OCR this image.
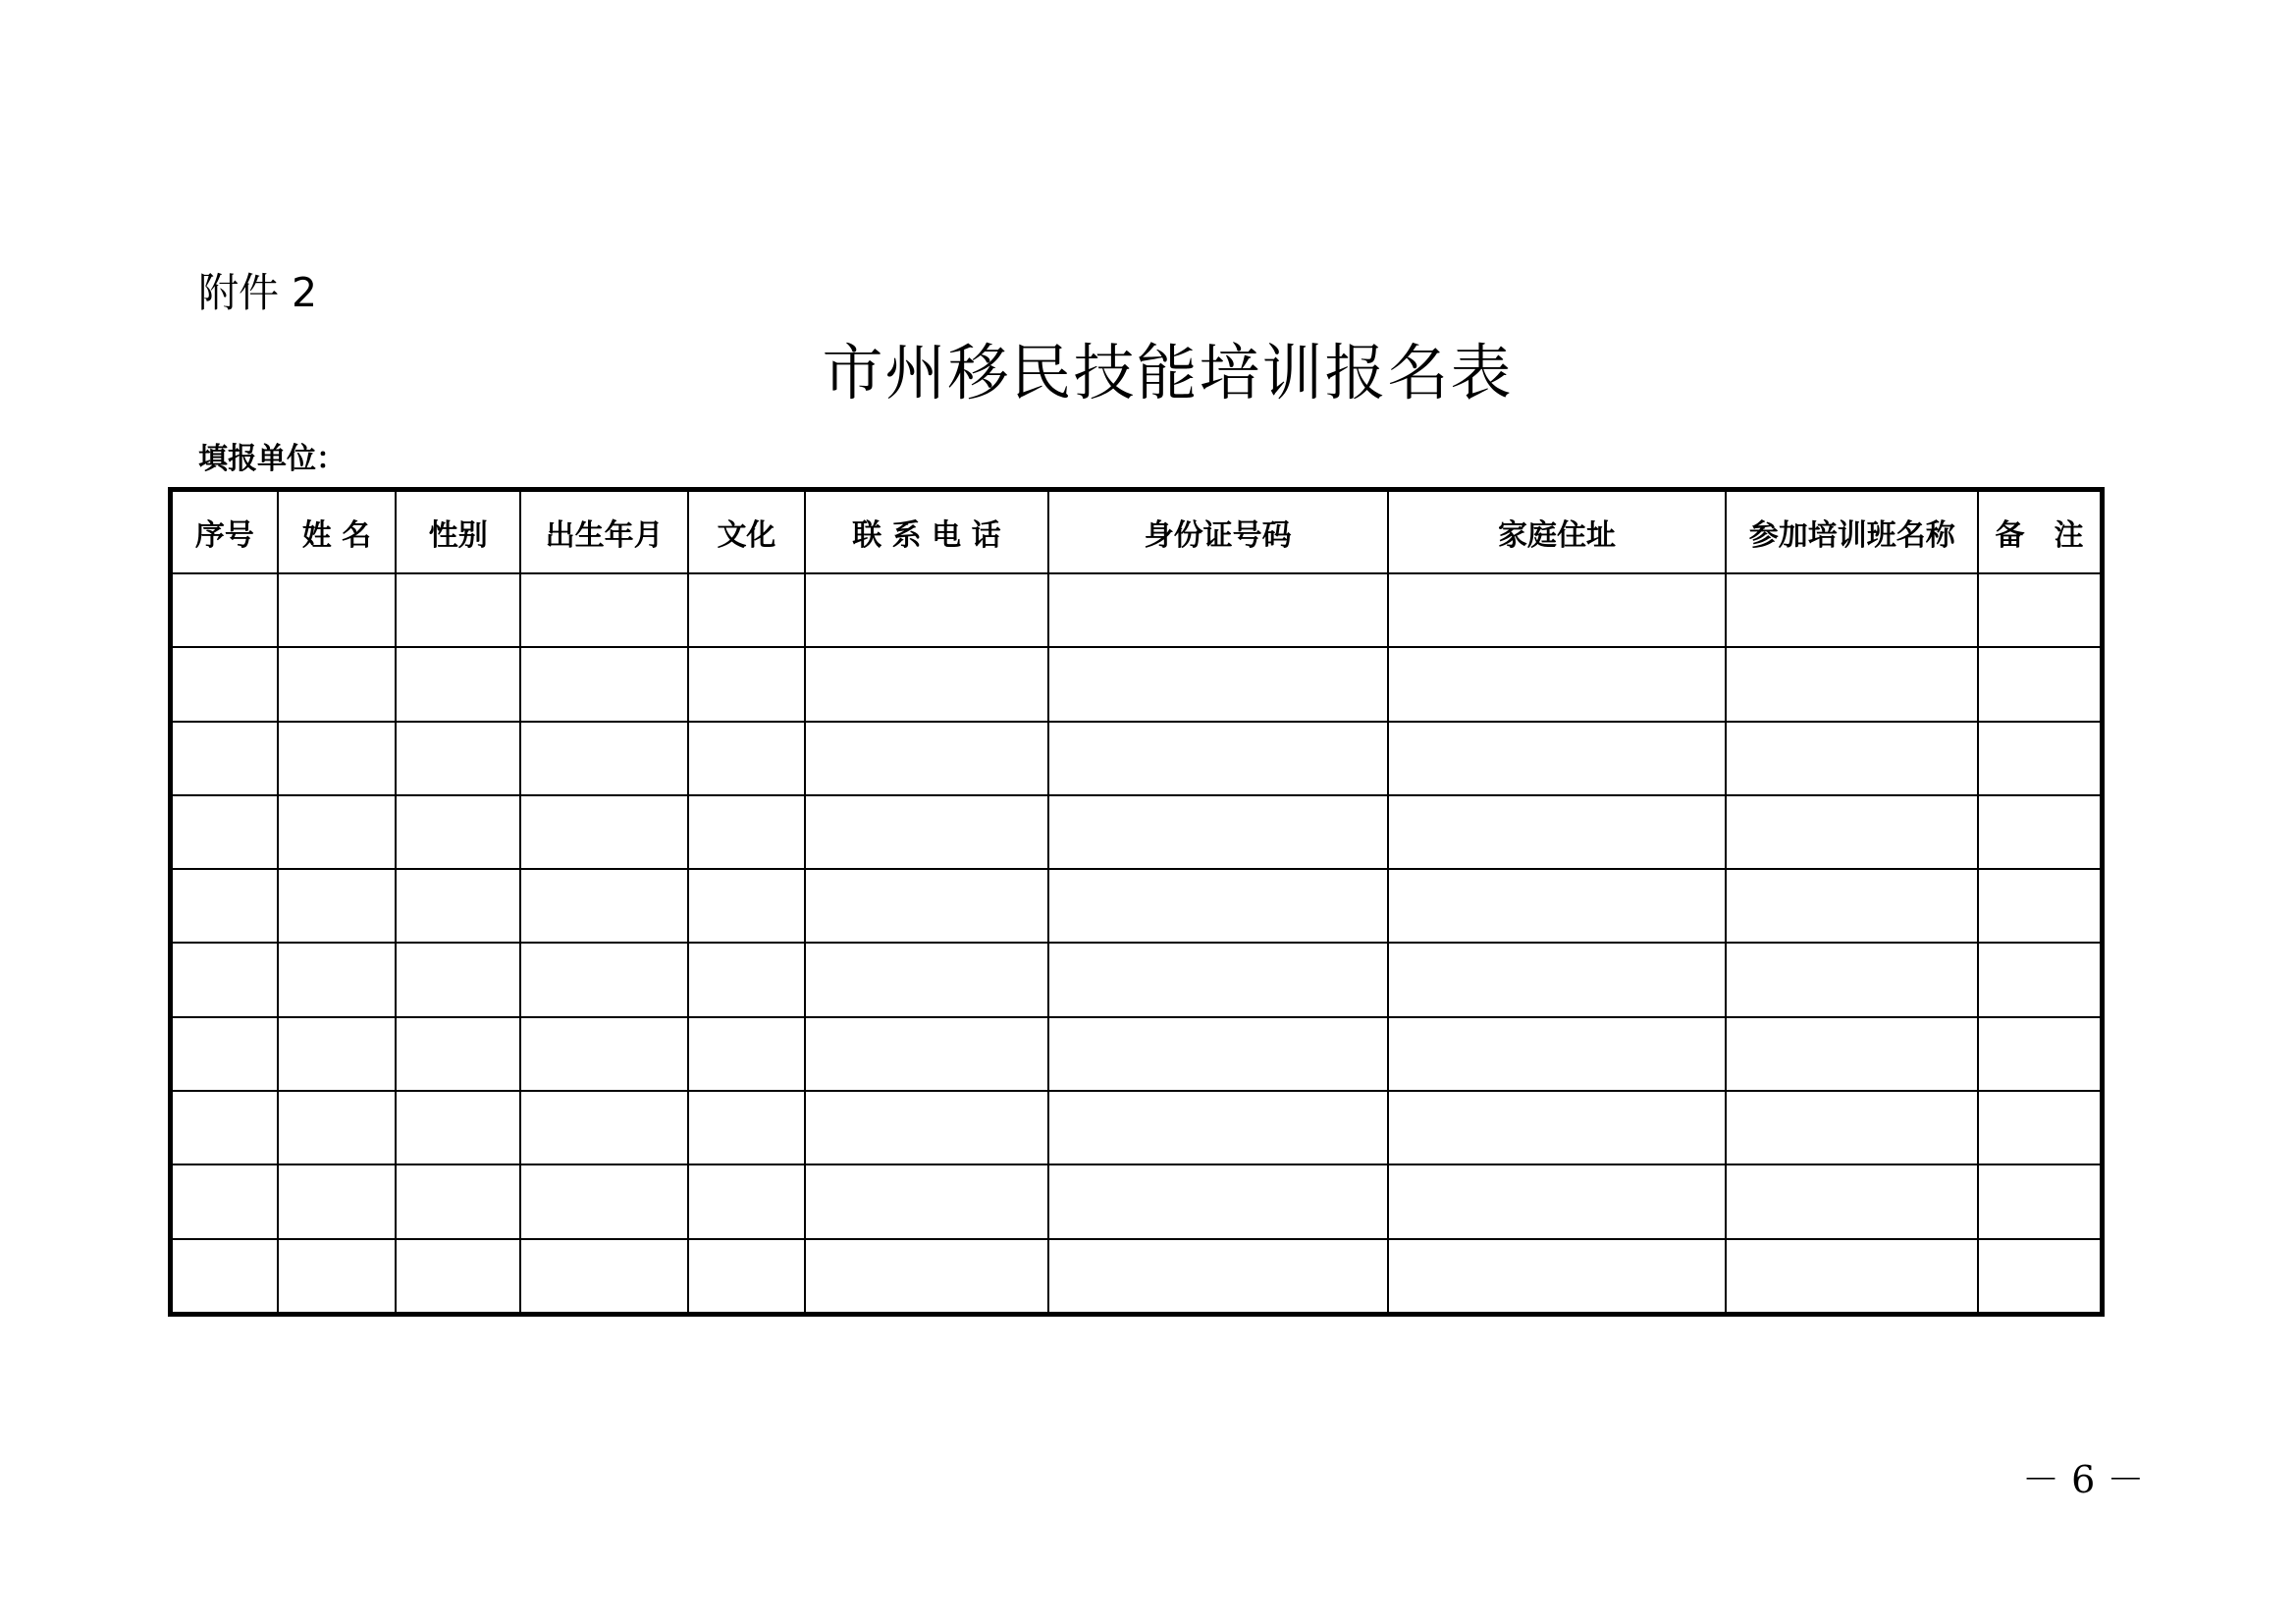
附件 2
市州移民技能培训报名表
填报单位：
序号	姓 名	性别	出生年月	文化	联 系 电 话	身份证号码	家庭住址	参加培训班名称	备　注

－ 6 －
